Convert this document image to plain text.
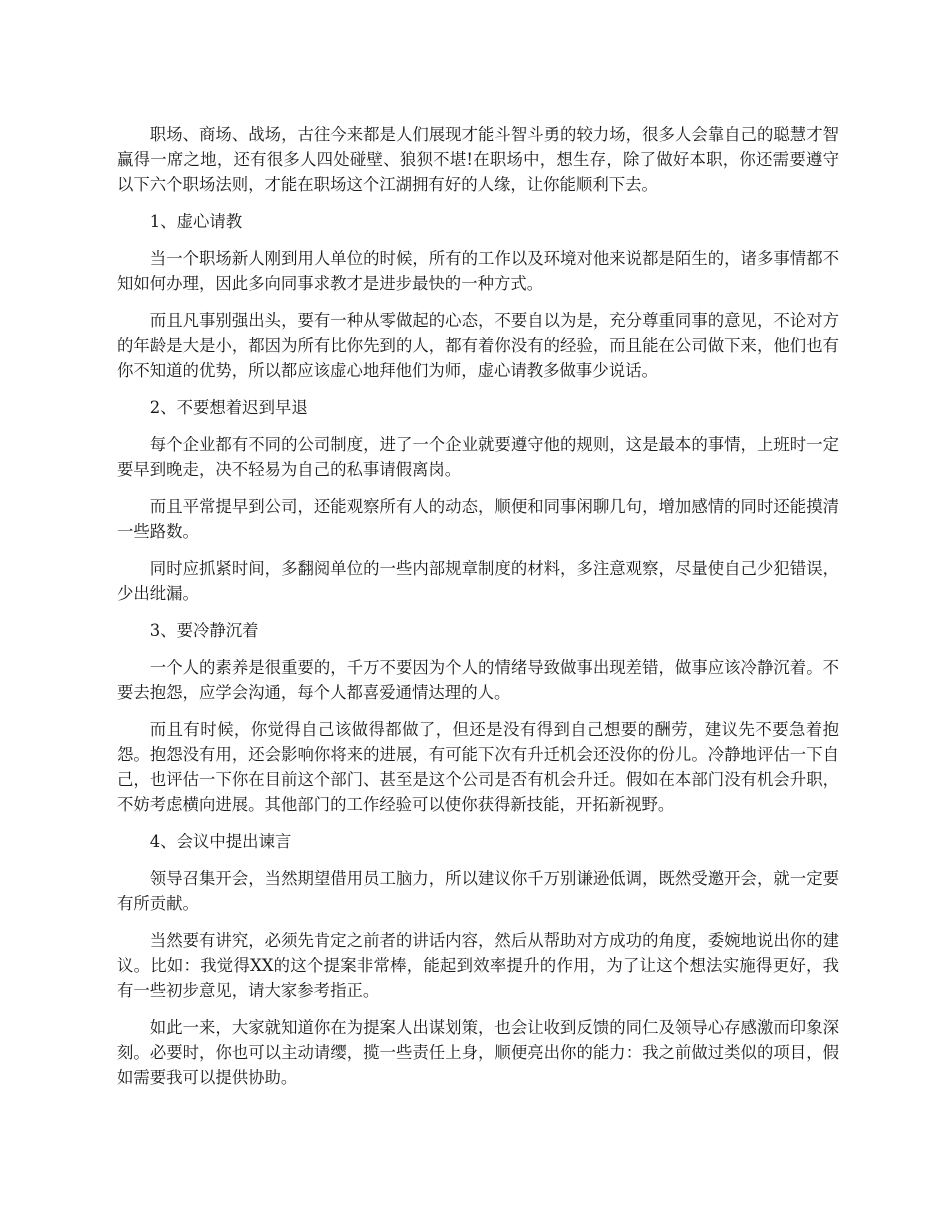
职场、商场、战场，古往今来都是人们展现才能斗智斗勇的较力场，很多人会靠自己的聪慧才智赢得一席之地，还有很多人四处碰壁、狼狈不堪!在职场中，想生存，除了做好本职，你还需要遵守以下六个职场法则，才能在职场这个江湖拥有好的人缘，让你能顺利下去。

1、虚心请教

当一个职场新人刚到用人单位的时候，所有的工作以及环境对他来说都是陌生的，诸多事情都不知如何办理，因此多向同事求教才是进步最快的一种方式。

而且凡事别强出头，要有一种从零做起的心态，不要自以为是，充分尊重同事的意见，不论对方的年龄是大是小，都因为所有比你先到的人，都有着你没有的经验，而且能在公司做下来，他们也有你不知道的优势，所以都应该虚心地拜他们为师，虚心请教多做事少说话。

2、不要想着迟到早退

每个企业都有不同的公司制度，进了一个企业就要遵守他的规则，这是最本的事情，上班时一定要早到晚走，决不轻易为自己的私事请假离岗。

而且平常提早到公司，还能观察所有人的动态，顺便和同事闲聊几句，增加感情的同时还能摸清一些路数。

同时应抓紧时间，多翻阅单位的一些内部规章制度的材料，多注意观察，尽量使自己少犯错误，少出纰漏。

3、要冷静沉着

一个人的素养是很重要的，千万不要因为个人的情绪导致做事出现差错，做事应该冷静沉着。不要去抱怨，应学会沟通，每个人都喜爱通情达理的人。

而且有时候，你觉得自己该做得都做了，但还是没有得到自己想要的酬劳，建议先不要急着抱怨。抱怨没有用，还会影响你将来的进展，有可能下次有升迁机会还没你的份儿。冷静地评估一下自己，也评估一下你在目前这个部门、甚至是这个公司是否有机会升迁。假如在本部门没有机会升职，不妨考虑横向进展。其他部门的工作经验可以使你获得新技能，开拓新视野。

4、会议中提出谏言

领导召集开会，当然期望借用员工脑力，所以建议你千万别谦逊低调，既然受邀开会，就一定要有所贡献。

当然要有讲究，必须先肯定之前者的讲话内容，然后从帮助对方成功的角度，委婉地说出你的建议。比如：我觉得XX的这个提案非常棒，能起到效率提升的作用，为了让这个想法实施得更好，我有一些初步意见，请大家参考指正。

如此一来，大家就知道你在为提案人出谋划策，也会让收到反馈的同仁及领导心存感激而印象深刻。必要时，你也可以主动请缨，揽一些责任上身，顺便亮出你的能力：我之前做过类似的项目，假如需要我可以提供协助。
